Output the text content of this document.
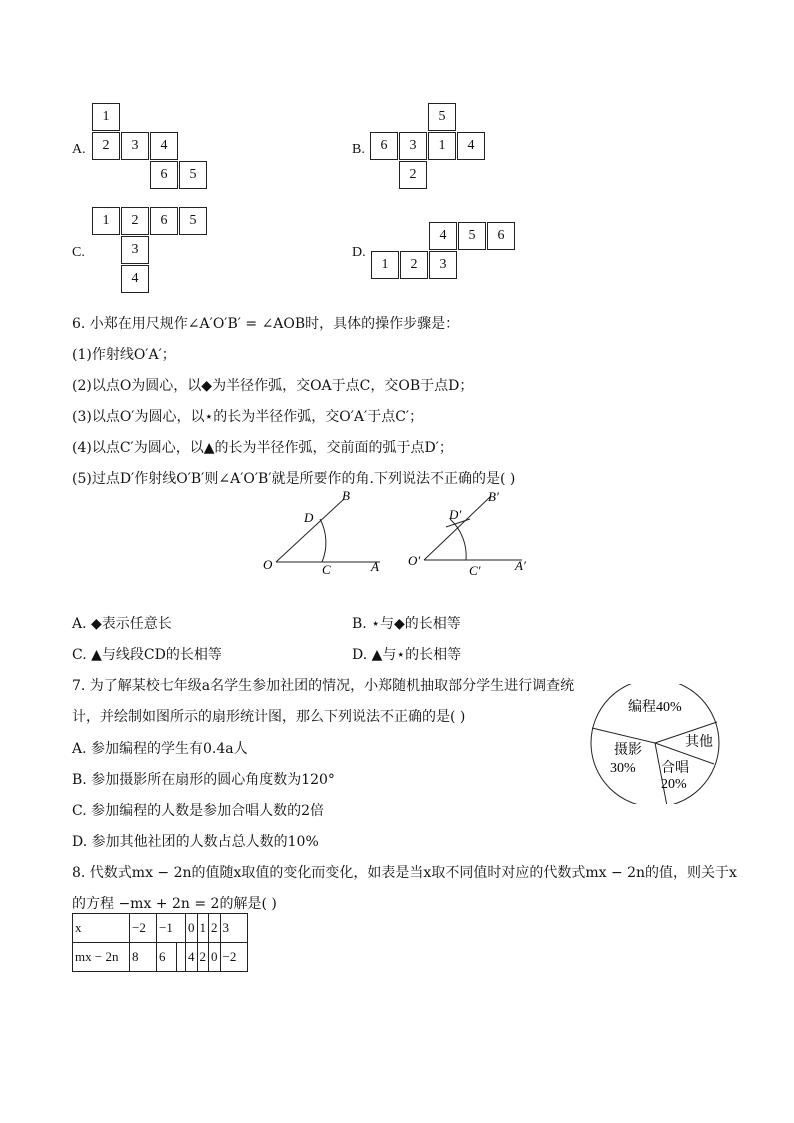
A.
1
2	3	4
6	5
B.
5
6	3	1	4
2
C.
1	2	6	5
3
4
D.
4	5	6
1	2	3
6. 小郑在用尺规作∠A′O′B′ = ∠AOB时，具体的操作步骤是：
(1)作射线O′A′；
(2)以点O为圆心，以◆为半径作弧，交OA于点C，交OB于点D；
(3)以点O′为圆心，以⋆的长为半径作弧，交O′A′于点C′；
(4)以点C′为圆心，以▲的长为半径作弧，交前面的弧于点D′；
(5)过点D′作射线O′B′则∠A′O′B′就是所要作的角.下列说法不正确的是( )
O	A
B
C
D
O′	A′
B′
C′
D′
A. ◆表示任意长	B. ⋆与◆的长相等
C. ▲与线段CD的长相等	D. ▲与⋆的长相等
7. 为了解某校七年级a名学生参加社团的情况，小郑随机抽取部分学生进行调查统
计，并绘制如图所示的扇形统计图，那么下列说法不正确的是( )
A. 参加编程的学生有0.4a人
B. 参加摄影所在扇形的圆心角度数为120°
C. 参加编程的人数是参加合唱人数的2倍
D. 参加其他社团的人数占总人数的10%
编程40%
其他
合唱
20%
摄影
30%
8. 代数式mx − 2n的值随x取值的变化而变化，如表是当x取不同值时对应的代数式mx − 2n的值，则关于x
的方程 −mx + 2n = 2的解是( )
x	−2	−1		0	1	2	3
mx − 2n	8	6		4	2	0	−2
